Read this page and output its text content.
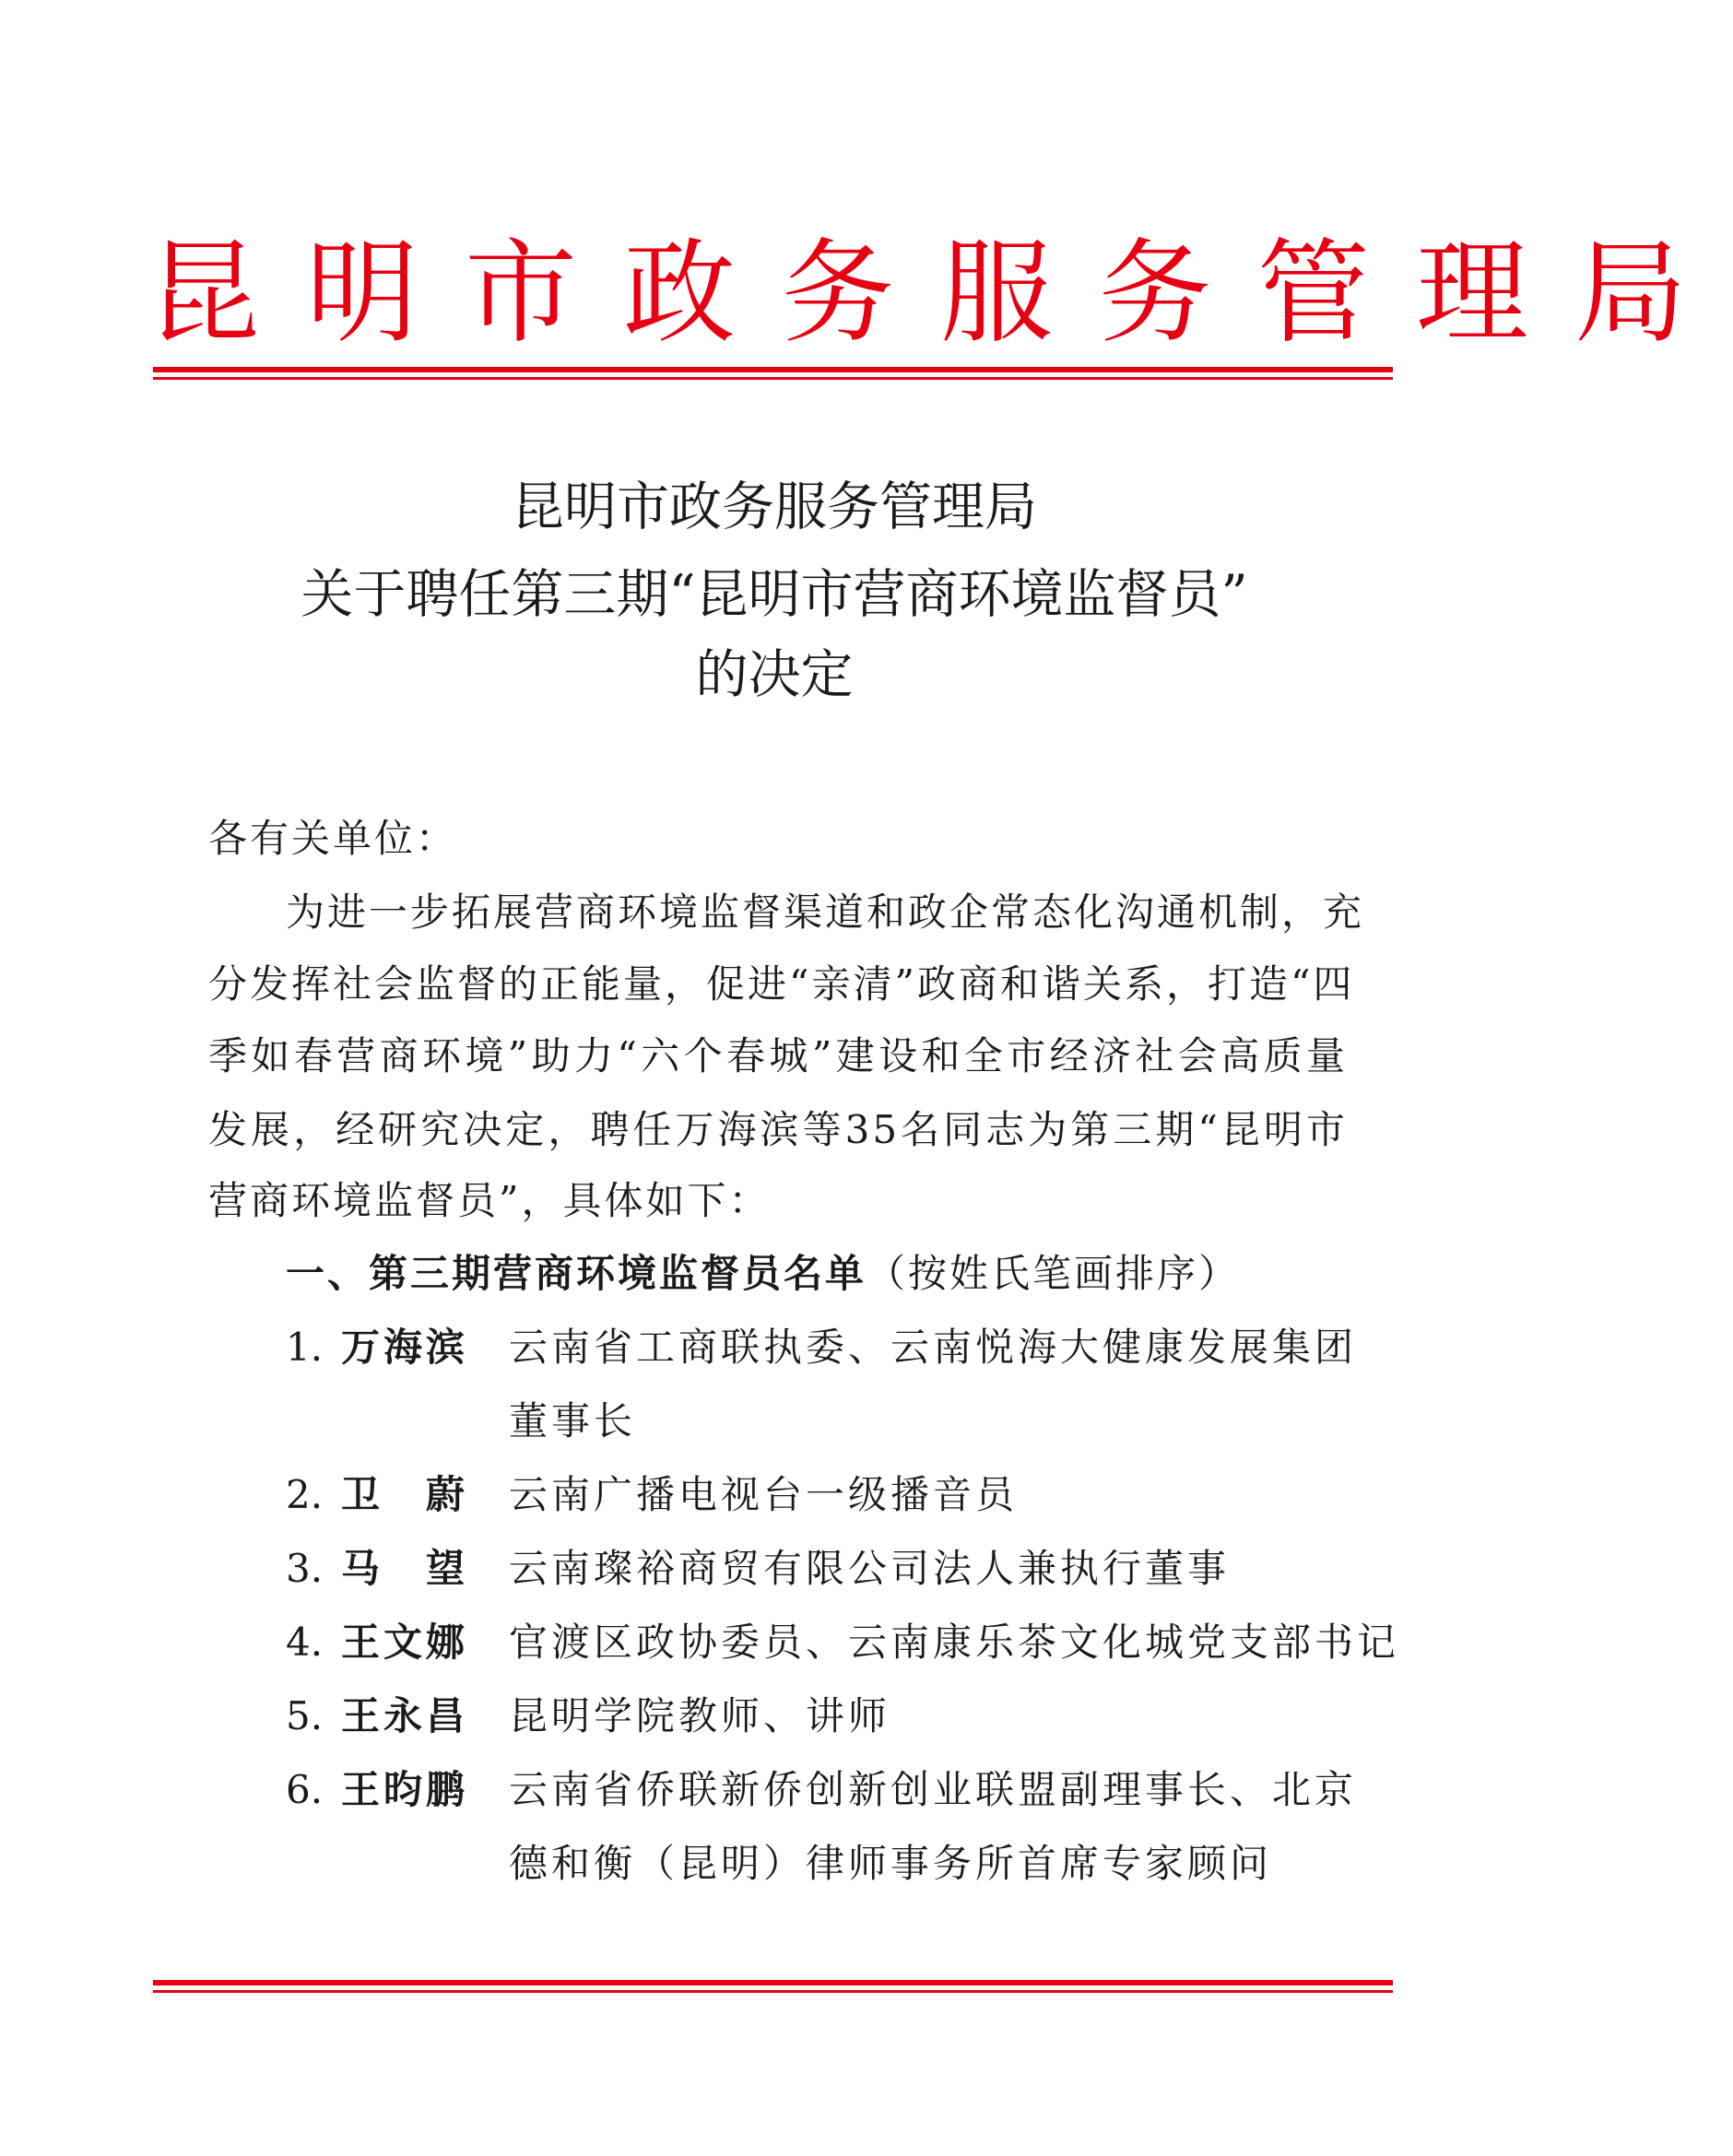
昆明市政务服务管理局
昆明市政务服务管理局
关于聘任第三期“昆明市营商环境监督员”
的决定
各有关单位：
为进一步拓展营商环境监督渠道和政企常态化沟通机制，充
分发挥社会监督的正能量，促进“亲清”政商和谐关系，打造“四
季如春营商环境”助力“六个春城”建设和全市经济社会高质量
发展，经研究决定，聘任万海滨等35名同志为第三期“昆明市
营商环境监督员”，具体如下：
一、第三期营商环境监督员名单（按姓氏笔画排序）
1. 万海滨 云南省工商联执委、云南悦海大健康发展集团
董事长
2. 卫　蔚 云南广播电视台一级播音员
3. 马　望 云南璨裕商贸有限公司法人兼执行董事
4. 王文娜 官渡区政协委员、云南康乐茶文化城党支部书记
5. 王永昌 昆明学院教师、讲师
6. 王昀鹏 云南省侨联新侨创新创业联盟副理事长、北京
德和衡（昆明）律师事务所首席专家顾问
